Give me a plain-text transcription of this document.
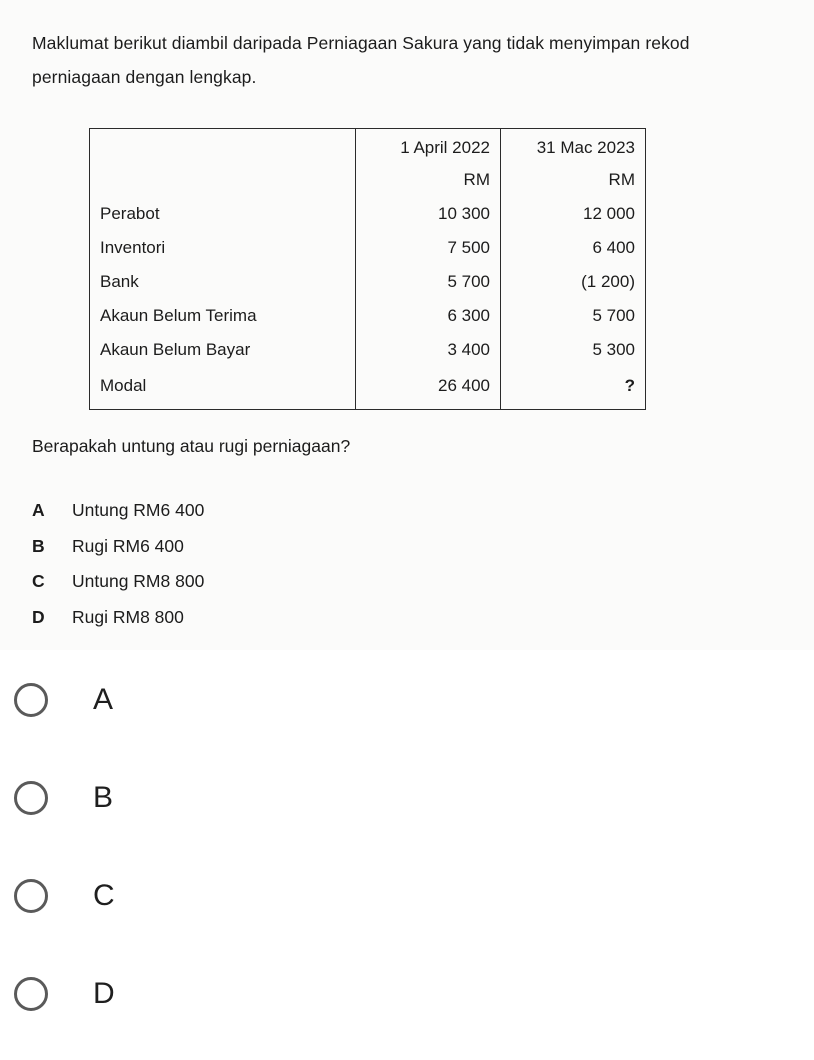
Maklumat berikut diambil daripada Perniagaan Sakura yang tidak menyimpan rekod
perniagaan dengan lengkap.
	1 April 2022	31 Mac 2023
	RM	RM
Perabot	10 300	12 000
Inventori	7 500	6 400
Bank	5 700	(1 200)
Akaun Belum Terima	6 300	5 700
Akaun Belum Bayar	3 400	5 300
Modal	26 400	?
Berapakah untung atau rugi perniagaan?
A	Untung RM6 400
B	Rugi RM6 400
C	Untung RM8 800
D	Rugi RM8 800
A
B
C
D
